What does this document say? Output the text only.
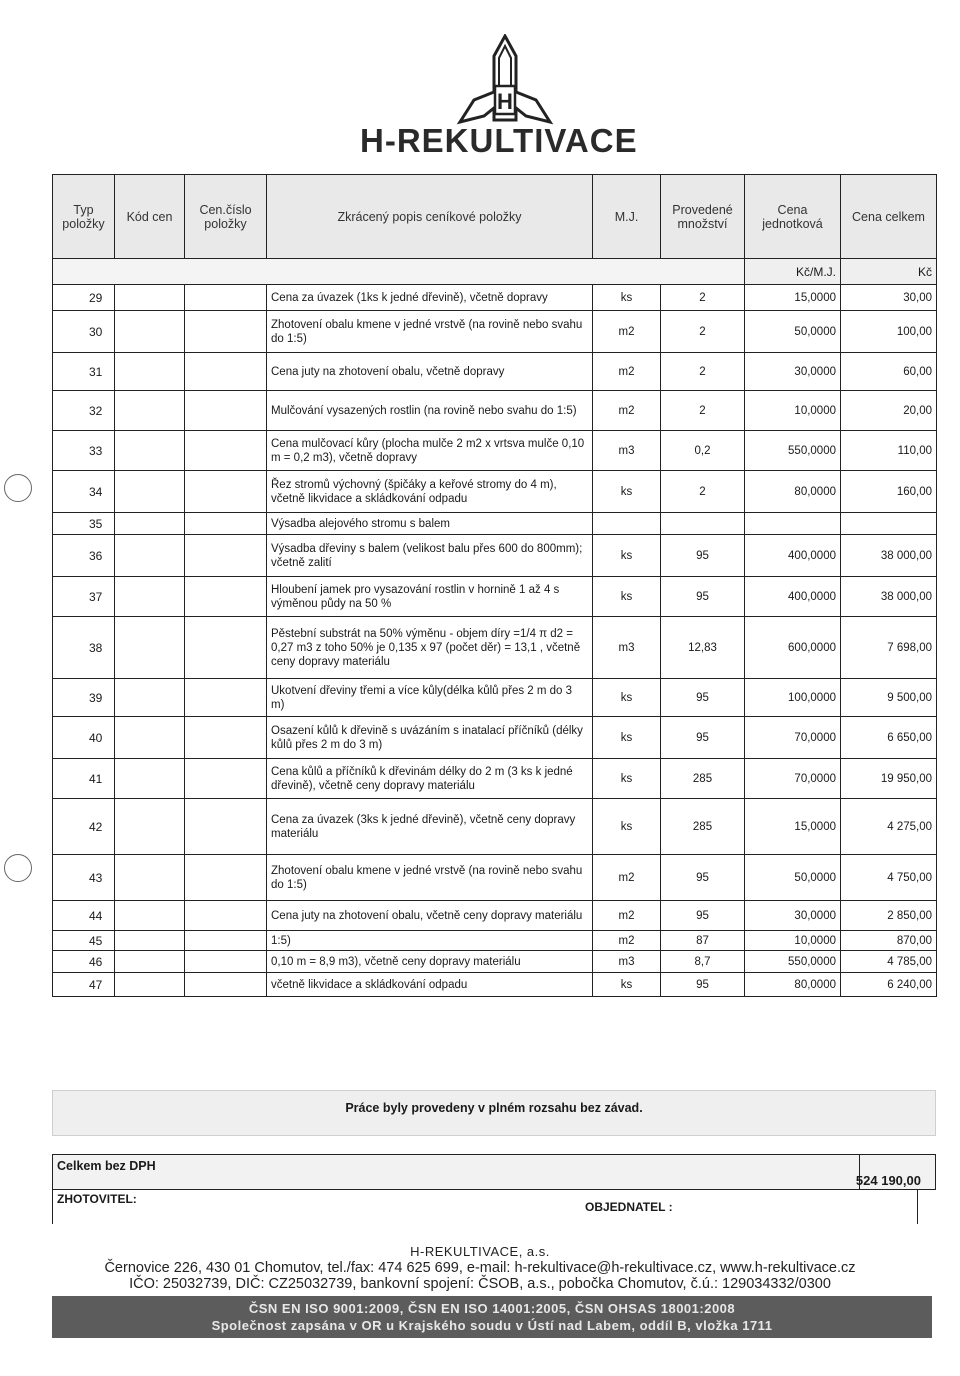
H
H-REKULTIVACE
Typ položky	Kód cen	Cen.číslo položky	Zkrácený popis ceníkové položky	M.J.	Provedené množství	Cena jednotková	Cena celkem
						Kč/M.J.	Kč
29			Cena za úvazek (1ks k jedné dřevině), včetně dopravy	ks	2	15,0000	30,00
30			Zhotovení obalu kmene v jedné vrstvě (na rovině nebo svahu do 1:5)	m2	2	50,0000	100,00
31			Cena juty na zhotovení obalu, včetně dopravy	m2	2	30,0000	60,00
32			Mulčování vysazených rostlin (na rovině nebo svahu do 1:5)	m2	2	10,0000	20,00
33			Cena mulčovací kůry (plocha mulče 2 m2 x vrtsva mulče 0,10 m = 0,2 m3), včetně dopravy	m3	0,2	550,0000	110,00
34			Řez stromů výchovný (špičáky a keřové stromy do 4 m), včetně likvidace a skládkování odpadu	ks	2	80,0000	160,00
35			Výsadba alejového stromu s balem				
36			Výsadba dřeviny s balem (velikost balu přes 600 do 800mm); včetně zalití	ks	95	400,0000	38 000,00
37			Hloubení jamek pro vysazování rostlin v hornině 1 až 4 s výměnou půdy na 50 %	ks	95	400,0000	38 000,00
38			Pěstební substrát na 50% výměnu - objem díry =1/4 π d2 = 0,27 m3 z toho 50% je 0,135 x 97 (počet děr) = 13,1 , včetně ceny dopravy materiálu	m3	12,83	600,0000	7 698,00
39			Ukotvení dřeviny třemi a více kůly(délka kůlů přes 2 m do 3 m)	ks	95	100,0000	9 500,00
40			Osazení kůlů k dřevině s uvázáním s inatalací příčníků (délky kůlů přes 2 m do 3 m)	ks	95	70,0000	6 650,00
41			Cena kůlů a příčníků k dřevinám délky do 2 m (3 ks k jedné dřevině), včetně ceny dopravy materiálu	ks	285	70,0000	19 950,00
42			Cena za úvazek (3ks k jedné dřevině), včetně ceny dopravy materiálu	ks	285	15,0000	4 275,00
43			Zhotovení obalu kmene v jedné vrstvě (na rovině nebo svahu do 1:5)	m2	95	50,0000	4 750,00
44			Cena juty na zhotovení obalu, včetně ceny dopravy materiálu	m2	95	30,0000	2 850,00
45			1:5)	m2	87	10,0000	870,00
46			0,10 m = 8,9 m3), včetně ceny dopravy materiálu	m3	8,7	550,0000	4 785,00
47			včetně likvidace a skládkování odpadu	ks	95	80,0000	6 240,00
Práce byly provedeny v plném rozsahu bez závad.
Celkem bez DPH
524 190,00
ZHOTOVITEL:
OBJEDNATEL :
H-REKULTIVACE, a.s.
Černovice 226, 430 01 Chomutov, tel./fax: 474 625 699, e-mail: h-rekultivace@h-rekultivace.cz, www.h-rekultivace.cz
IČO: 25032739, DIČ: CZ25032739, bankovní spojení: ČSOB, a.s., pobočka Chomutov, č.ú.: 129034332/0300
ČSN EN ISO 9001:2009, ČSN EN ISO 14001:2005, ČSN OHSAS 18001:2008
Společnost zapsána v OR u Krajského soudu v Ústí nad Labem, oddíl B, vložka 1711
